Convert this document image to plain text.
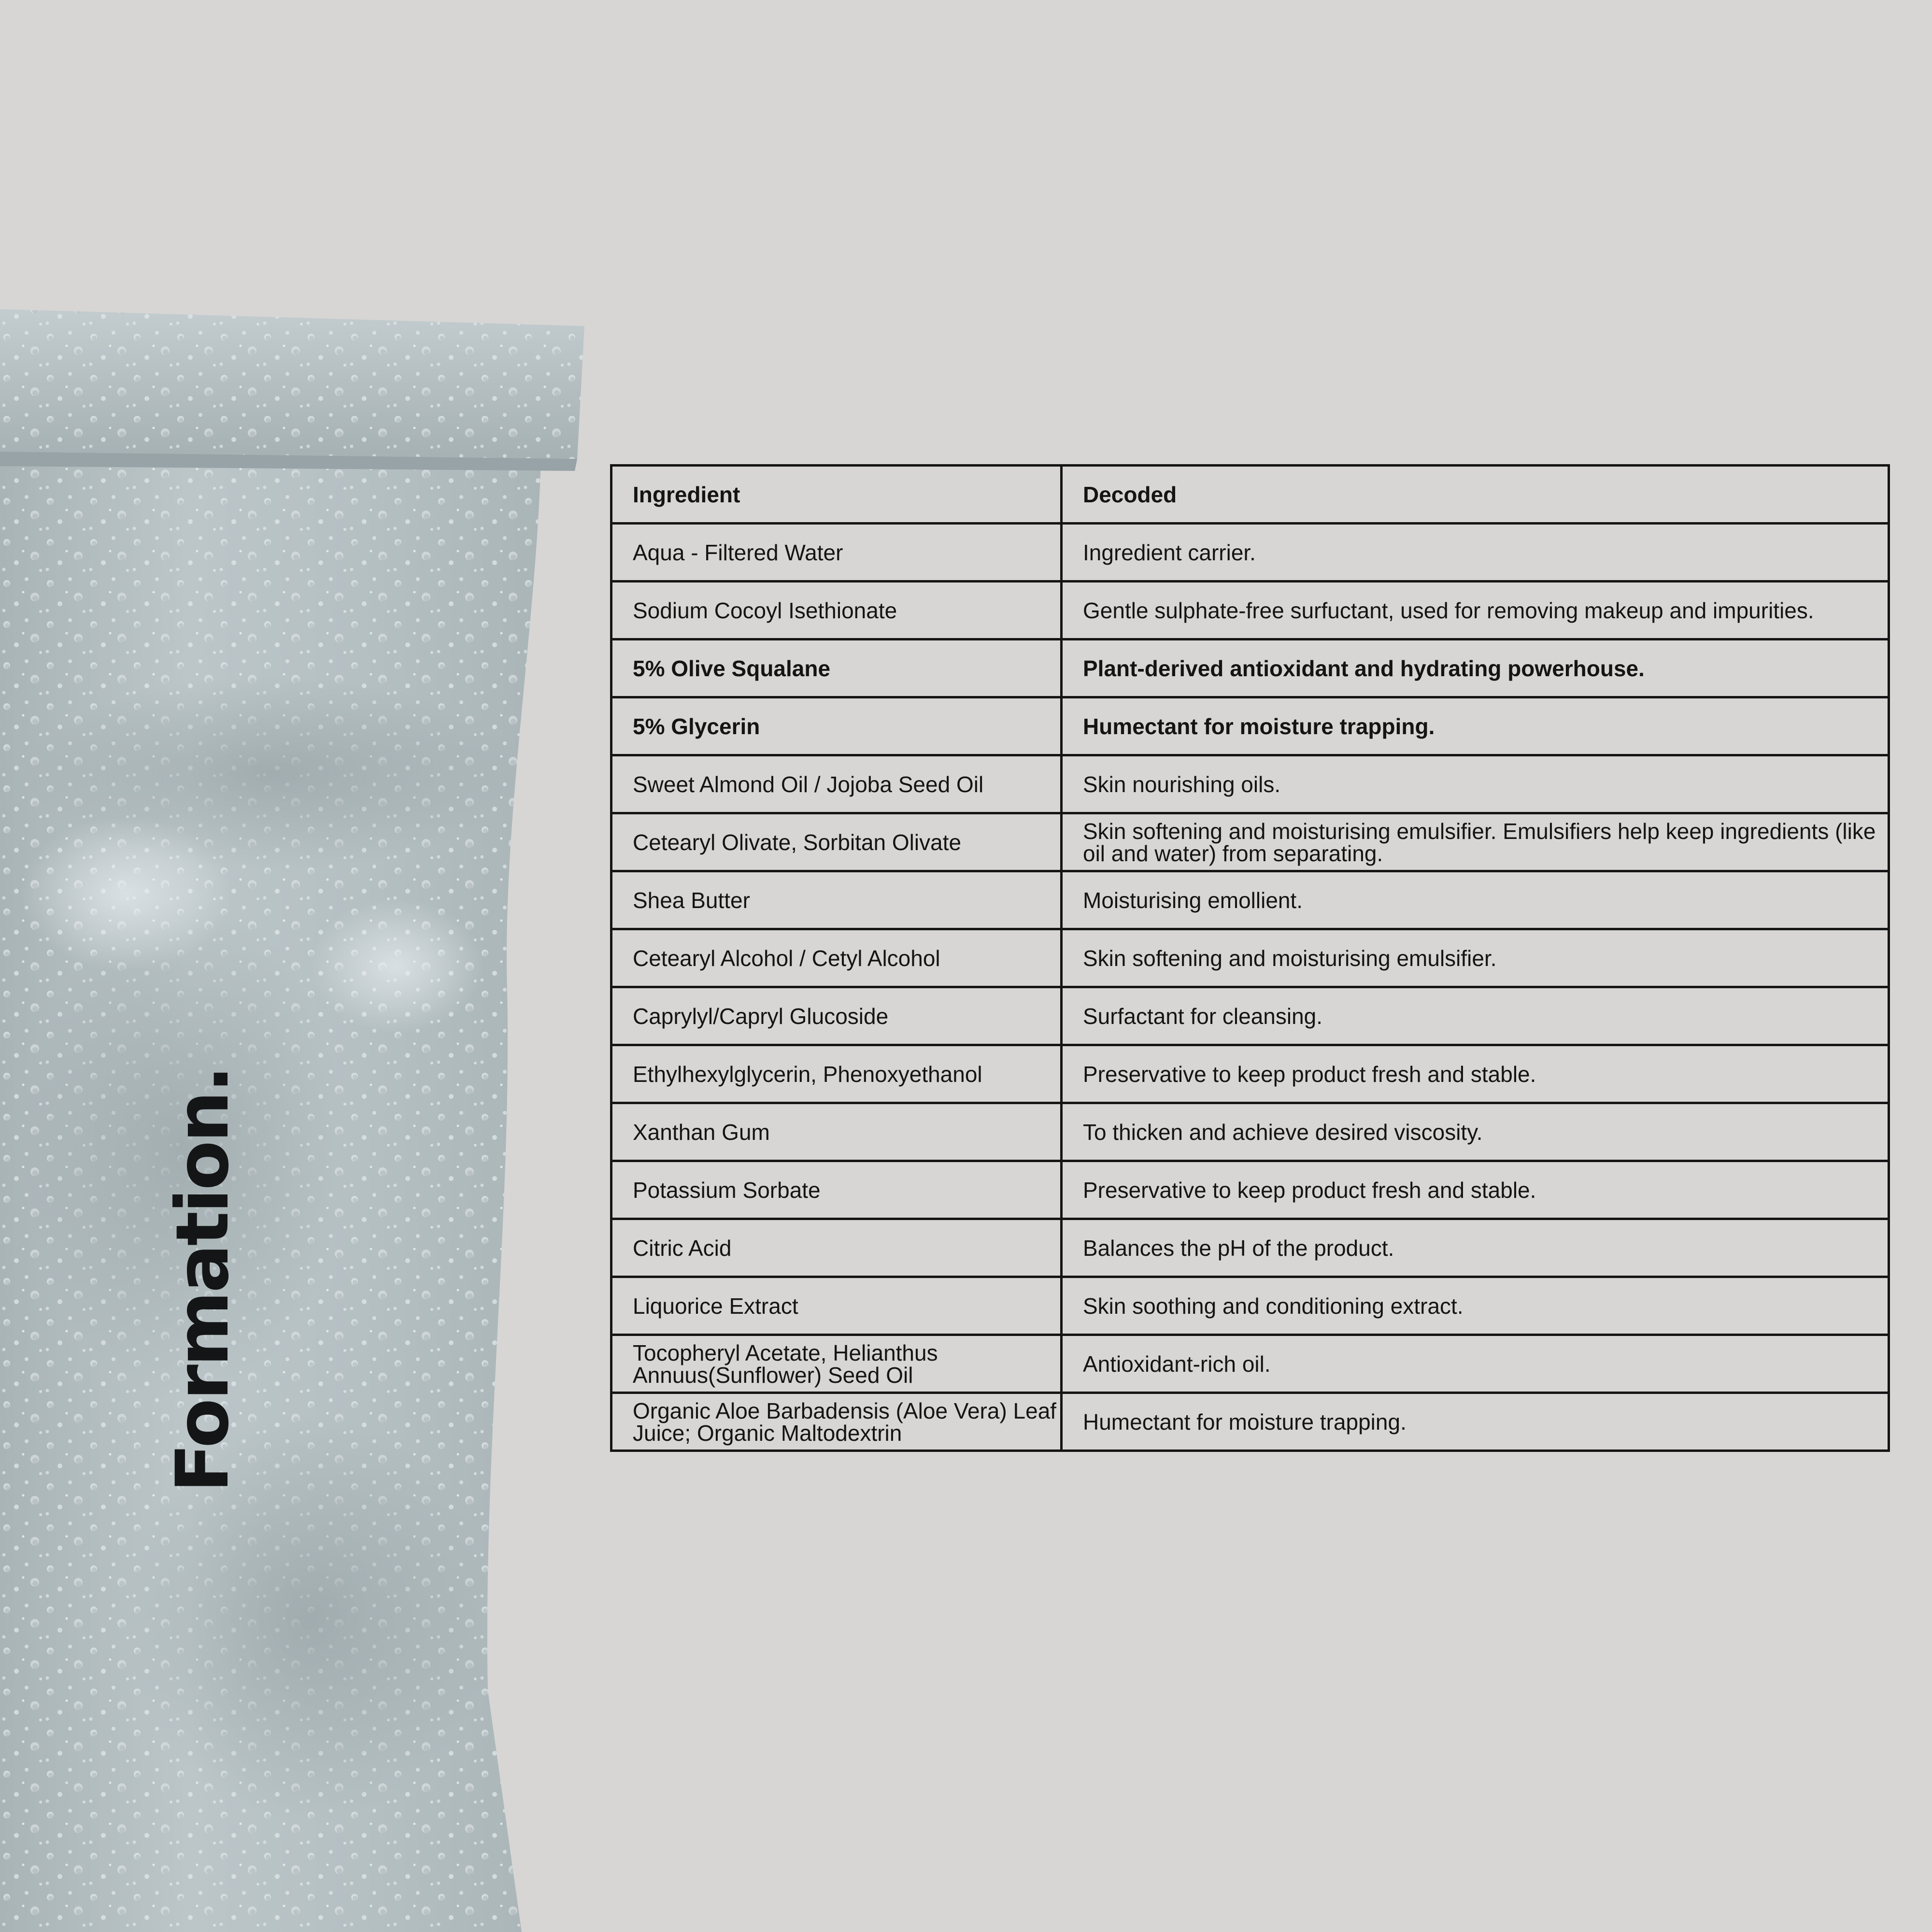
Formation.
Ingredient	Decoded
Aqua - Filtered Water	Ingredient carrier.
Sodium Cocoyl Isethionate	Gentle sulphate-free surfuctant, used for removing makeup and impurities.
5% Olive Squalane	Plant-derived antioxidant and hydrating powerhouse.
5% Glycerin	Humectant for moisture trapping.
Sweet Almond Oil / Jojoba Seed Oil	Skin nourishing oils.
Cetearyl Olivate, Sorbitan Olivate	Skin softening and moisturising emulsifier. Emulsifiers help keep ingredients (like oil and water) from separating.
Shea Butter	Moisturising emollient.
Cetearyl Alcohol / Cetyl Alcohol	Skin softening and moisturising emulsifier.
Caprylyl/Capryl Glucoside	Surfactant for cleansing.
Ethylhexylglycerin, Phenoxyethanol	Preservative to keep product fresh and stable.
Xanthan Gum	To thicken and achieve desired viscosity.
Potassium Sorbate	Preservative to keep product fresh and stable.
Citric Acid	Balances the pH of the product.
Liquorice Extract	Skin soothing and conditioning extract.
Tocopheryl Acetate, Helianthus Annuus(Sunflower) Seed Oil	Antioxidant-rich oil.
Organic Aloe Barbadensis (Aloe Vera) Leaf Juice; Organic Maltodextrin	Humectant for moisture trapping.
